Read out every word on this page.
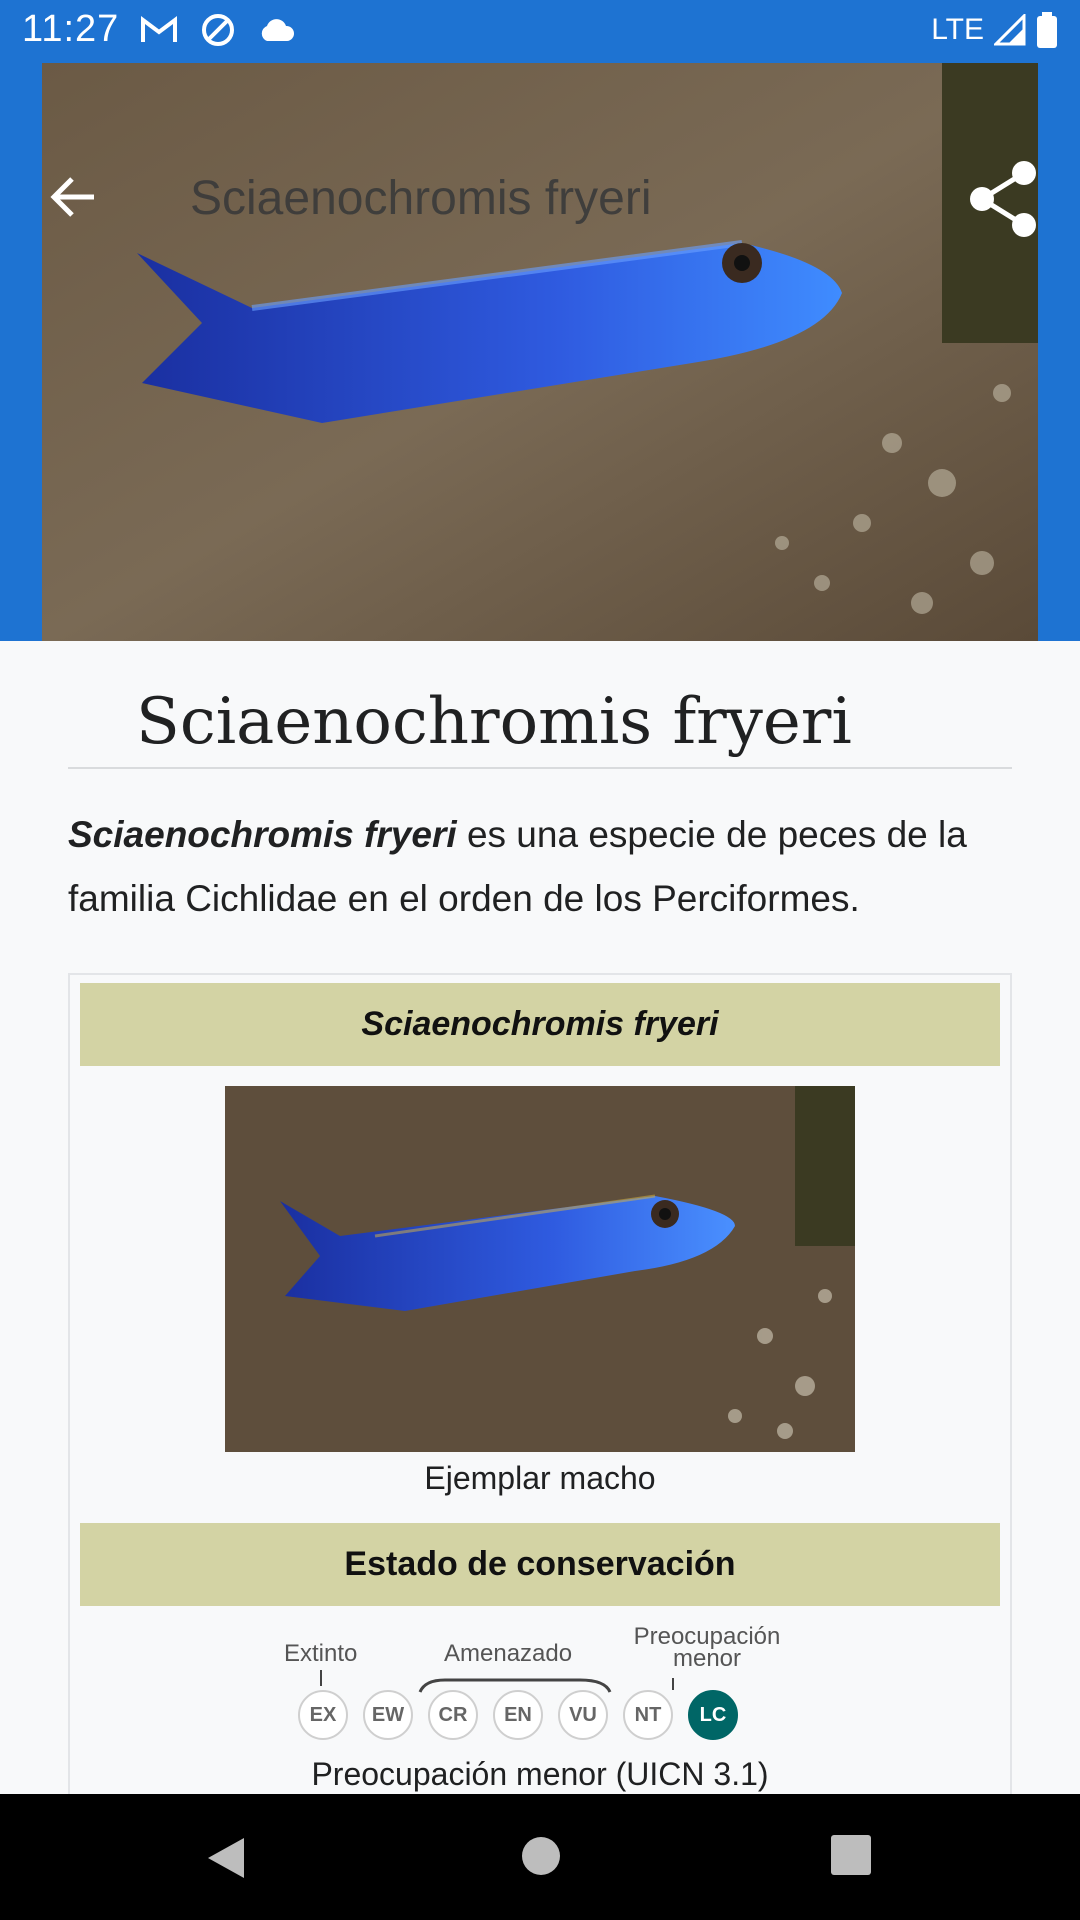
11:27	LTE
Sciaenochromis fryeri
Sciaenochromis fryeri
Sciaenochromis fryeri es una especie de peces de la familia Cichlidae en el orden de los Perciformes.
Sciaenochromis fryeri
Ejemplar macho
Estado de conservación
Extinto	Amenazado
Preocupación menor
EX	EW	CR	EN	VU	NT	LC
Preocupación menor (UICN 3.1)
